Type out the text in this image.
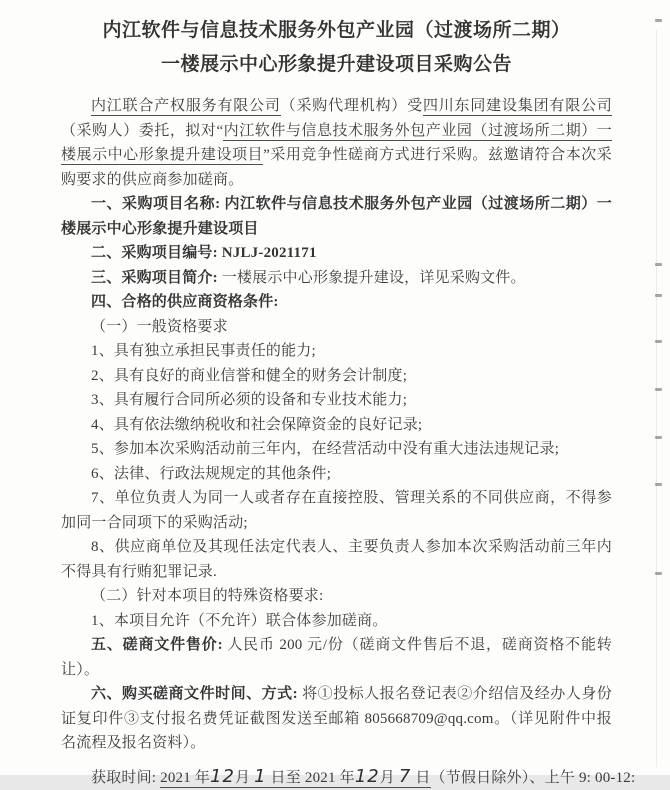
内江软件与信息技术服务外包产业园（过渡场所二期）
一楼展示中心形象提升建设项目采购公告

内江联合产权服务有限公司（采购代理机构）受四川东同建设集团有限公司（采购人）委托，拟对“内江软件与信息技术服务外包产业园（过渡场所二期）一楼展示中心形象提升建设项目”采用竞争性磋商方式进行采购。兹邀请符合本次采购要求的供应商参加磋商。

一、采购项目名称: 内江软件与信息技术服务外包产业园（过渡场所二期）一楼展示中心形象提升建设项目

二、采购项目编号: NJLJ-2021171

三、采购项目简介: 一楼展示中心形象提升建设，详见采购文件。

四、合格的供应商资格条件:

（一）一般资格要求

1、具有独立承担民事责任的能力;

2、具有良好的商业信誉和健全的财务会计制度;

3、具有履行合同所必须的设备和专业技术能力;

4、具有依法缴纳税收和社会保障资金的良好记录;

5、参加本次采购活动前三年内，在经营活动中没有重大违法违规记录;

6、法律、行政法规规定的其他条件;

7、单位负责人为同一人或者存在直接控股、管理关系的不同供应商，不得参加同一合同项下的采购活动;

8、供应商单位及其现任法定代表人、主要负责人参加本次采购活动前三年内不得具有行贿犯罪记录.

（二）针对本项目的特殊资格要求:

1、本项目允许（不允许）联合体参加磋商。

五、磋商文件售价: 人民币 200 元/份（磋商文件售后不退，磋商资格不能转让）。

六、购买磋商文件时间、方式: 将①投标人报名登记表②介绍信及经办人身份证复印件③支付报名费凭证截图发送至邮箱 805668709@qq.com。（详见附件中报名流程及报名资料）。

获取时间: 2021 年12月 1 日至 2021 年12月 7 日（节假日除外）、上午 9: 00-12:
